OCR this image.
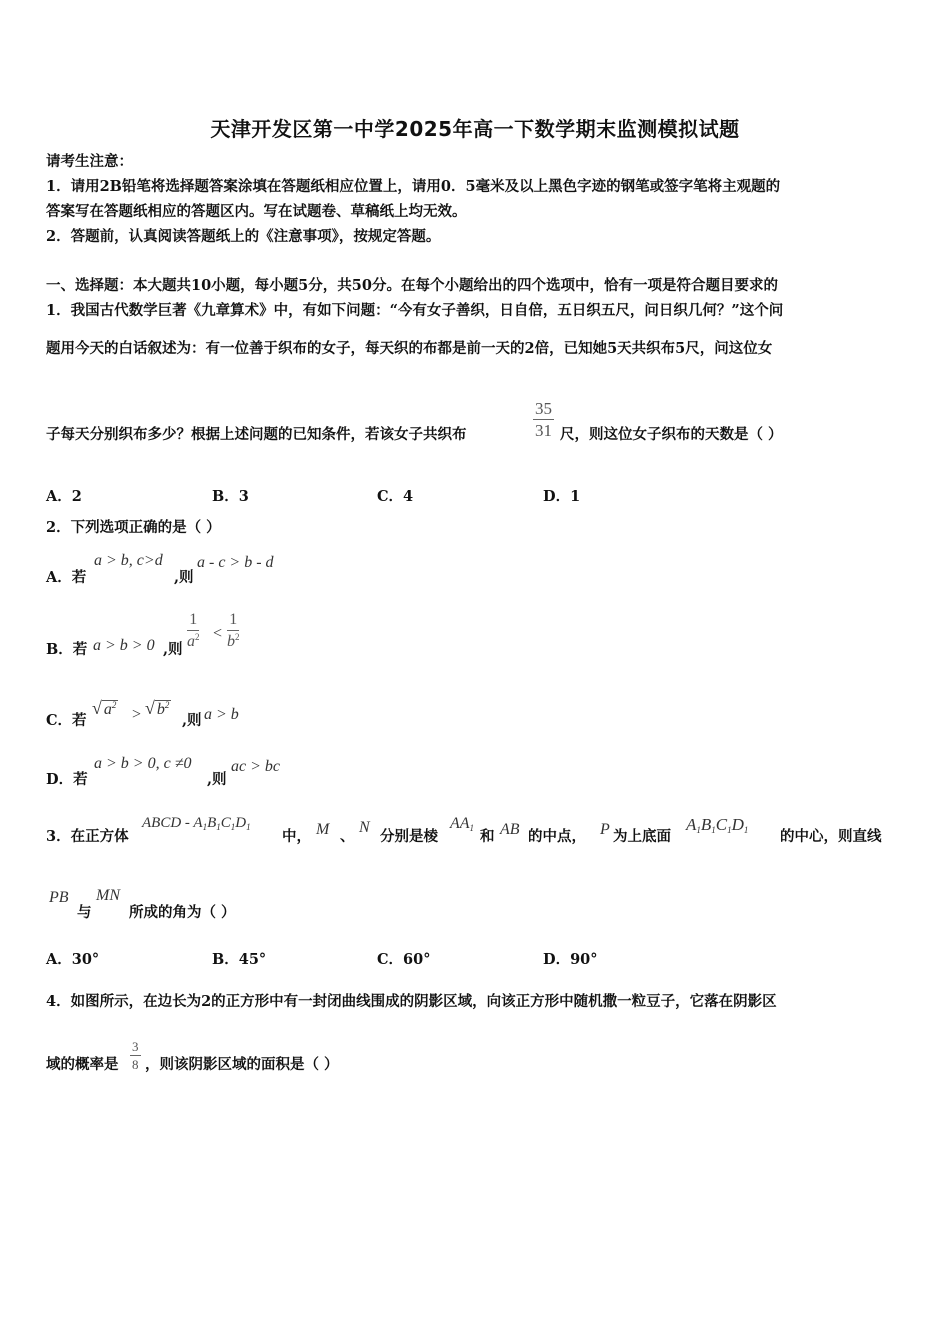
天津开发区第一中学2025年高一下数学期末监测模拟试题
请考生注意：
1．请用2B铅笔将选择题答案涂填在答题纸相应位置上，请用0．5毫米及以上黑色字迹的钢笔或签字笔将主观题的
答案写在答题纸相应的答题区内。写在试题卷、草稿纸上均无效。
2．答题前，认真阅读答题纸上的《注意事项》，按规定答题。
一、选择题：本大题共10小题，每小题5分，共50分。在每个小题给出的四个选项中，恰有一项是符合题目要求的
1．我国古代数学巨著《九章算术》中，有如下问题：“今有女子善织，日自倍，五日织五尺，问日织几何？”这个问
题用今天的白话叙述为：有一位善于织布的女子，每天织的布都是前一天的2倍，已知她5天共织布5尺，问这位女
子每天分别织布多少？根据上述问题的已知条件，若该女子共织布	$\frac{35}{31}$ 尺，则这位女子织布的天数是（ ）
A．2	B．3	C．4	D．1
2．下列选项正确的是（ ）
A．若
a > b, c>d
,则
a - c > b - d
B．若 a > b > 0 ,则 $\frac{1}{a^2} < \frac{1}{b^2}$
C．若
√ $a^2$
> √ $b^2$
,则 a > b
D．若
a > b > 0, c ≠0
,则
ac > bc
3．在正方体
ABCD - $A_1B_1C_1D_1$
中， M 、
N
分别是棱
$AA_1$ 和 AB 的中点， P 为上底面
$A_1B_1C_1D_1$ 的中心，则直线
PB
与
MN
所成的角为（ ）
A．30°	B．45°	C．60°	D．90°
4．如图所示，在边长为2的正方形中有一封闭曲线围成的阴影区域，向该正方形中随机撒一粒豆子，它落在阴影区
域的概率是 $\frac{3}{8}$ ，则该阴影区域的面积是（ ）
